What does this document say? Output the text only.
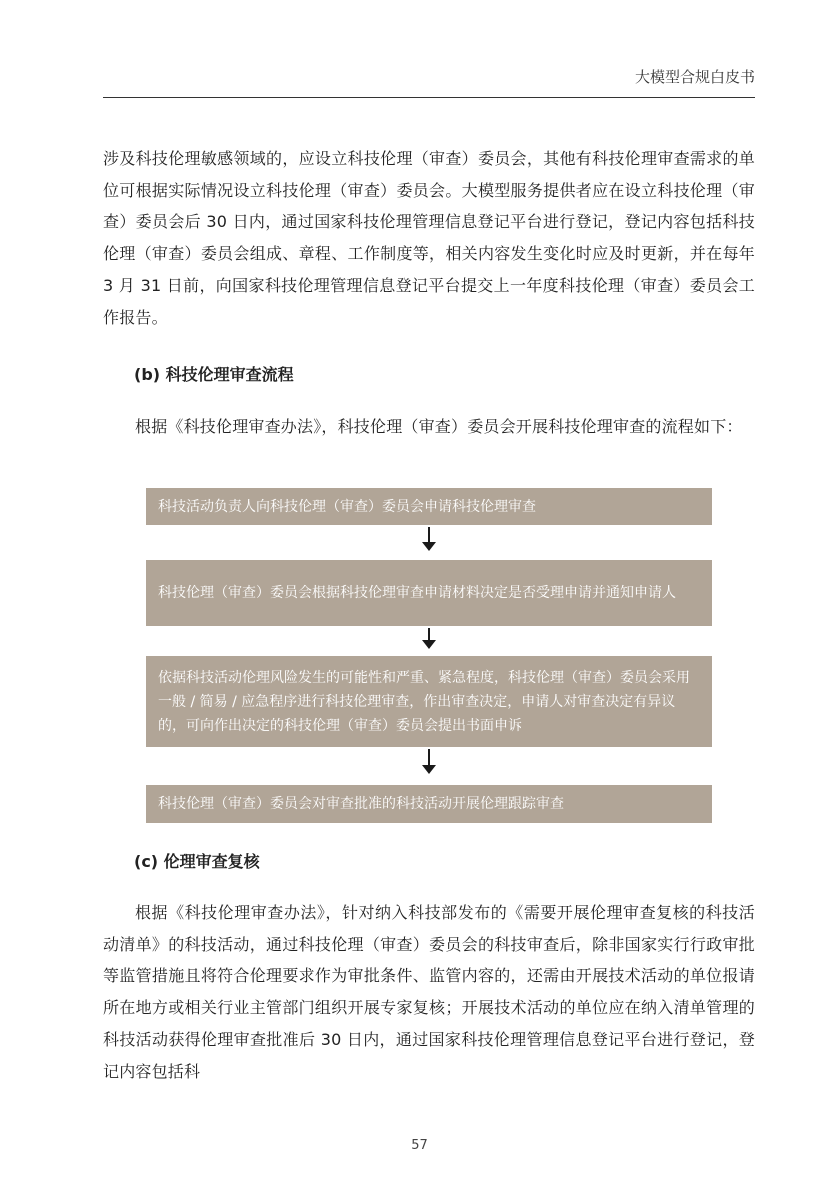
大模型合规白皮书

涉及科技伦理敏感领域的，应设立科技伦理（审查）委员会，其他有科技伦理审查需求的单位可根据实际情况设立科技伦理（审查）委员会。大模型服务提供者应在设立科技伦理（审查）委员会后 30 日内，通过国家科技伦理管理信息登记平台进行登记，登记内容包括科技伦理（审查）委员会组成、章程、工作制度等，相关内容发生变化时应及时更新，并在每年 3 月 31 日前，向国家科技伦理管理信息登记平台提交上一年度科技伦理（审查）委员会工作报告。

(b) 科技伦理审查流程

根据《科技伦理审查办法》，科技伦理（审查）委员会开展科技伦理审查的流程如下：

科技活动负责人向科技伦理（审查）委员会申请科技伦理审查
科技伦理（审查）委员会根据科技伦理审查申请材料决定是否受理申请并通知申请人
依据科技活动伦理风险发生的可能性和严重、紧急程度，科技伦理（审查）委员会采用一般 / 简易 / 应急程序进行科技伦理审查，作出审查决定，申请人对审查决定有异议的，可向作出决定的科技伦理（审查）委员会提出书面申诉
科技伦理（审查）委员会对审查批准的科技活动开展伦理跟踪审查

(c) 伦理审查复核

根据《科技伦理审查办法》，针对纳入科技部发布的《需要开展伦理审查复核的科技活动清单》的科技活动，通过科技伦理（审查）委员会的科技审查后，除非国家实行行政审批等监管措施且将符合伦理要求作为审批条件、监管内容的，还需由开展技术活动的单位报请所在地方或相关行业主管部门组织开展专家复核；开展技术活动的单位应在纳入清单管理的科技活动获得伦理审查批准后 30 日内，通过国家科技伦理管理信息登记平台进行登记，登记内容包括科

57
